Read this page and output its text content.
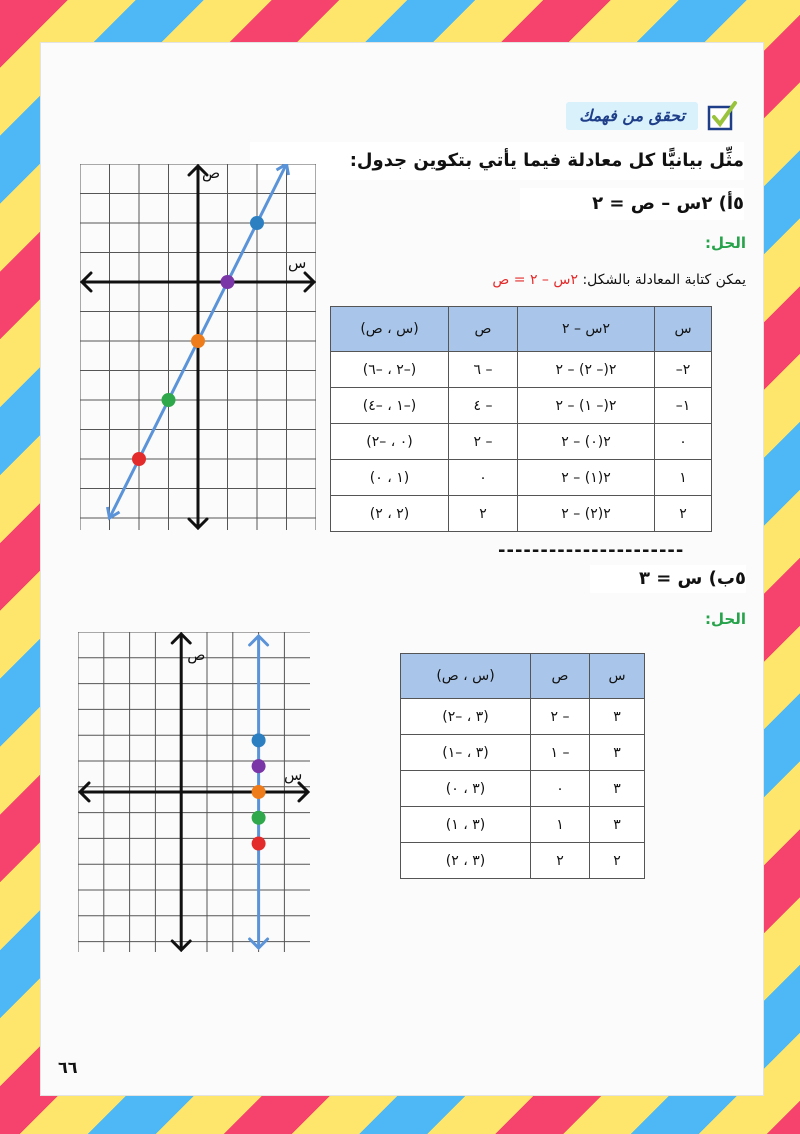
تحقق من فهمك
مثِّل بيانيًّا كل معادلة فيما يأتي بتكوين جدول:
٥أ) ٢س – ص = ٢
الحل:
يمكن كتابة المعادلة بالشكل: ٢س – ٢ = ص
س	٢س – ٢	ص	(س ، ص)
٢–	٢(– ٢) – ٢	– ٦	(–٢ ، –٦)
١–	٢(– ١) – ٢	– ٤	(–١ ، –٤)
٠	٢(٠) – ٢	– ٢	(٠ ، –٢)
١	٢(١) – ٢	٠	(١ ، ٠)
٢	٢(٢) – ٢	٢	(٢ ، ٢)
ص
س
----------------------
٥ب) س = ٣
الحل:
س	ص	(س ، ص)
٣	– ٢	(٣ ، –٢)
٣	– ١	(٣ ، –١)
٣	٠	(٣ ، ٠)
٣	١	(٣ ، ١)
٢	٢	(٣ ، ٢)
ص
س
٦٦
